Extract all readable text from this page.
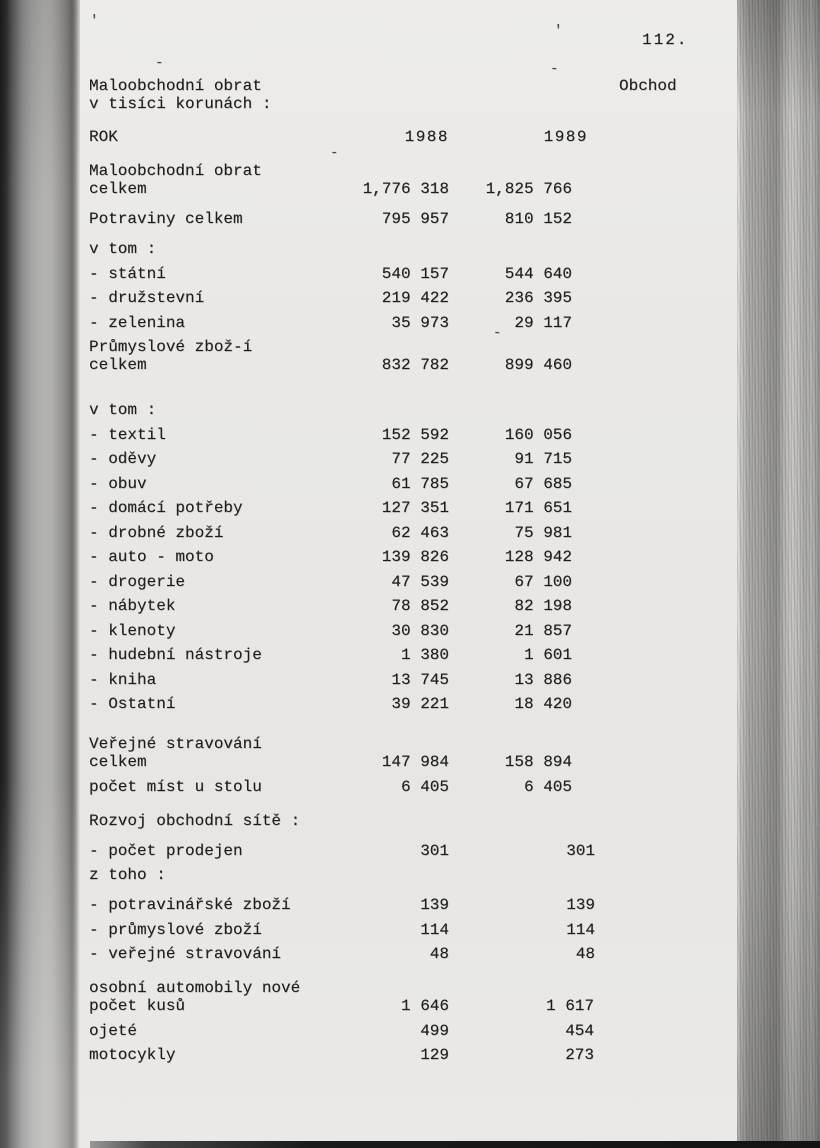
112.
Obchod
Maloobchodní obrat
v tisíci korunách :
'
'
-
-
-
-
ROK	1988	1989
Maloobchodní obrat
celkem	1,776 318	1,825 766
Potraviny celkem	795 957	810 152
v tom :
- státní	540 157	544 640
- družstevní	219 422	236 395
- zelenina	35 973	29 117
Průmyslové zbož-í
celkem	832 782	899 460
v tom :
- textil	152 592	160 056
- oděvy	77 225	91 715
- obuv	61 785	67 685
- domácí potřeby	127 351	171 651
- drobné zboží	62 463	75 981
- auto - moto	139 826	128 942
- drogerie	47 539	67 100
- nábytek	78 852	82 198
- klenoty	30 830	21 857
- hudební nástroje	1 380	1 601
- kniha	13 745	13 886
- Ostatní	39 221	18 420
Veřejné stravování
celkem	147 984	158 894
počet míst u stolu	6 405	6 405
Rozvoj obchodní sítě :
- počet prodejen	301	301
z toho :
- potravinářské zboží	139	139
- průmyslové zboží	114	114
- veřejné stravování	48	48
osobní automobily nové
počet kusů	1 646	1 617
ojeté	499	454
motocykly	129	273
